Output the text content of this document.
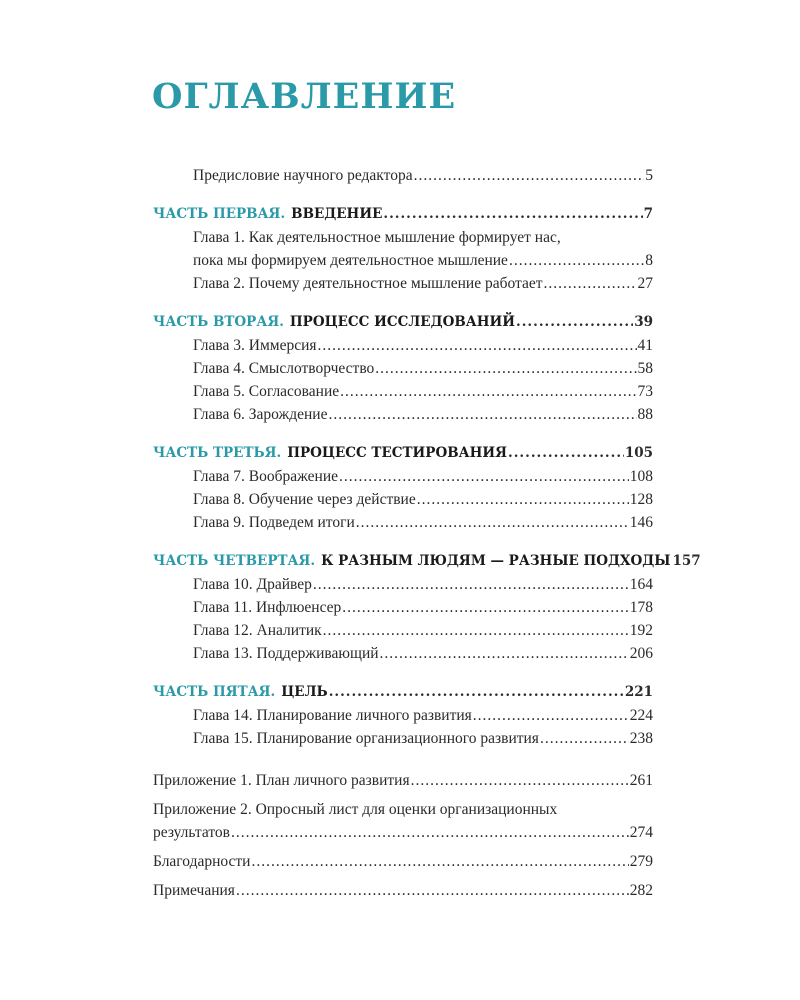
ОГЛАВЛЕНИЕ
Предисловие научного редактора .....	5
ЧАСТЬ ПЕРВАЯ. ВВЕДЕНИЕ .....	7
Глава 1. Как деятельностное мышление формирует нас,
пока мы формируем деятельностное мышление .....	8
Глава 2. Почему деятельностное мышление работает .....	27
ЧАСТЬ ВТОРАЯ. ПРОЦЕСС ИССЛЕДОВАНИЙ .....	39
Глава 3. Иммерсия .....	41
Глава 4. Смыслотворчество .....	58
Глава 5. Согласование .....	73
Глава 6. Зарождение .....	88
ЧАСТЬ ТРЕТЬЯ. ПРОЦЕСС ТЕСТИРОВАНИЯ .....	105
Глава 7. Воображение .....	108
Глава 8. Обучение через действие .....	128
Глава 9. Подведем итоги .....	146
ЧАСТЬ ЧЕТВЕРТАЯ. К РАЗНЫМ ЛЮДЯМ — РАЗНЫЕ ПОДХОДЫ 157
Глава 10. Драйвер .....	164
Глава 11. Инфлюенсер .....	178
Глава 12. Аналитик .....	192
Глава 13. Поддерживающий .....	206
ЧАСТЬ ПЯТАЯ. ЦЕЛЬ .....	221
Глава 14. Планирование личного развития .....	224
Глава 15. Планирование организационного развития .....	238
Приложение 1. План личного развития .....	261
Приложение 2. Опросный лист для оценки организационных
результатов .....	274
Благодарности .....	279
Примечания .....	282
